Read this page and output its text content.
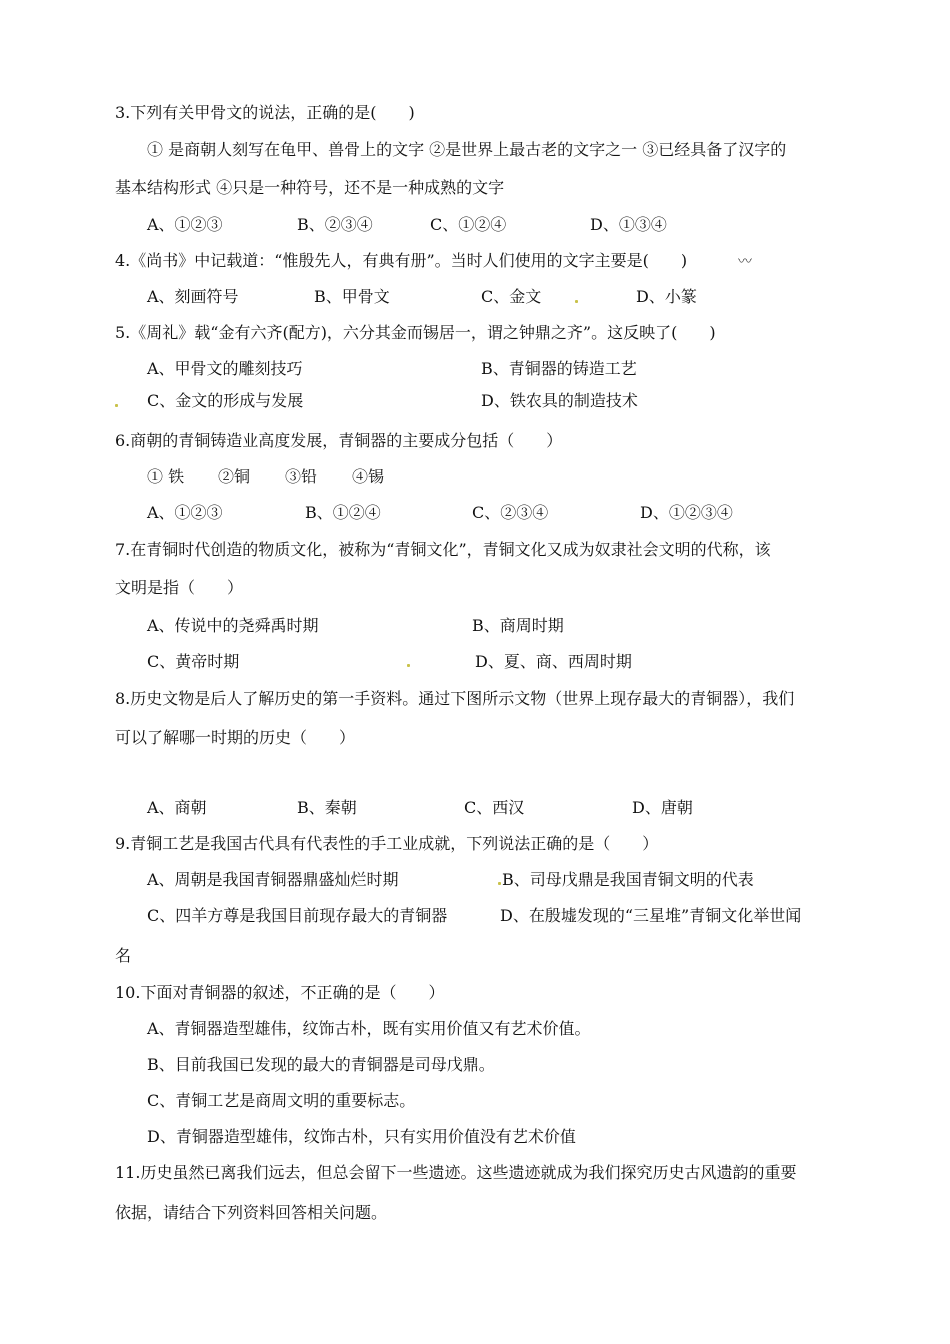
3.下列有关甲骨文的说法，正确的是(　　)
① 是商朝人刻写在龟甲、兽骨上的文字 ②是世界上最古老的文字之一 ③已经具备了汉字的
基本结构形式 ④只是一种符号，还不是一种成熟的文字
A、①②③	B、②③④	C、①②④	D、①③④
4.《尚书》中记载道：“惟殷先人，有典有册”。当时人们使用的文字主要是(　　)	〰
A、刻画符号	B、甲骨文	C、金文	D、小篆
5.《周礼》载“金有六齐(配方)，六分其金而锡居一，谓之钟鼎之齐”。这反映了(　　)
A、甲骨文的雕刻技巧	B、青铜器的铸造工艺
C、金文的形成与发展	D、铁农具的制造技术
6.商朝的青铜铸造业高度发展，青铜器的主要成分包括（　　）
① 铁 ②铜 ③铅 ④锡
A、①②③	B、①②④	C、②③④	D、①②③④
7.在青铜时代创造的物质文化，被称为“青铜文化”，青铜文化又成为奴隶社会文明的代称，该
文明是指（　　）
A、传说中的尧舜禹时期	B、商周时期
C、黄帝时期	D、夏、商、西周时期
8.历史文物是后人了解历史的第一手资料。通过下图所示文物（世界上现存最大的青铜器），我们
可以了解哪一时期的历史（　　）
A、商朝	B、秦朝	C、西汉	D、唐朝
9.青铜工艺是我国古代具有代表性的手工业成就，下列说法正确的是（　　）
A、周朝是我国青铜器鼎盛灿烂时期	B、司母戊鼎是我国青铜文明的代表
C、四羊方尊是我国目前现存最大的青铜器	D、在殷墟发现的“三星堆”青铜文化举世闻
名
10.下面对青铜器的叙述，不正确的是（　　）
A、青铜器造型雄伟，纹饰古朴，既有实用价值又有艺术价值。
B、目前我国已发现的最大的青铜器是司母戊鼎。
C、青铜工艺是商周文明的重要标志。
D、青铜器造型雄伟，纹饰古朴，只有实用价值没有艺术价值
11.历史虽然已离我们远去，但总会留下一些遗迹。这些遗迹就成为我们探究历史古风遗韵的重要
依据，请结合下列资料回答相关问题。
